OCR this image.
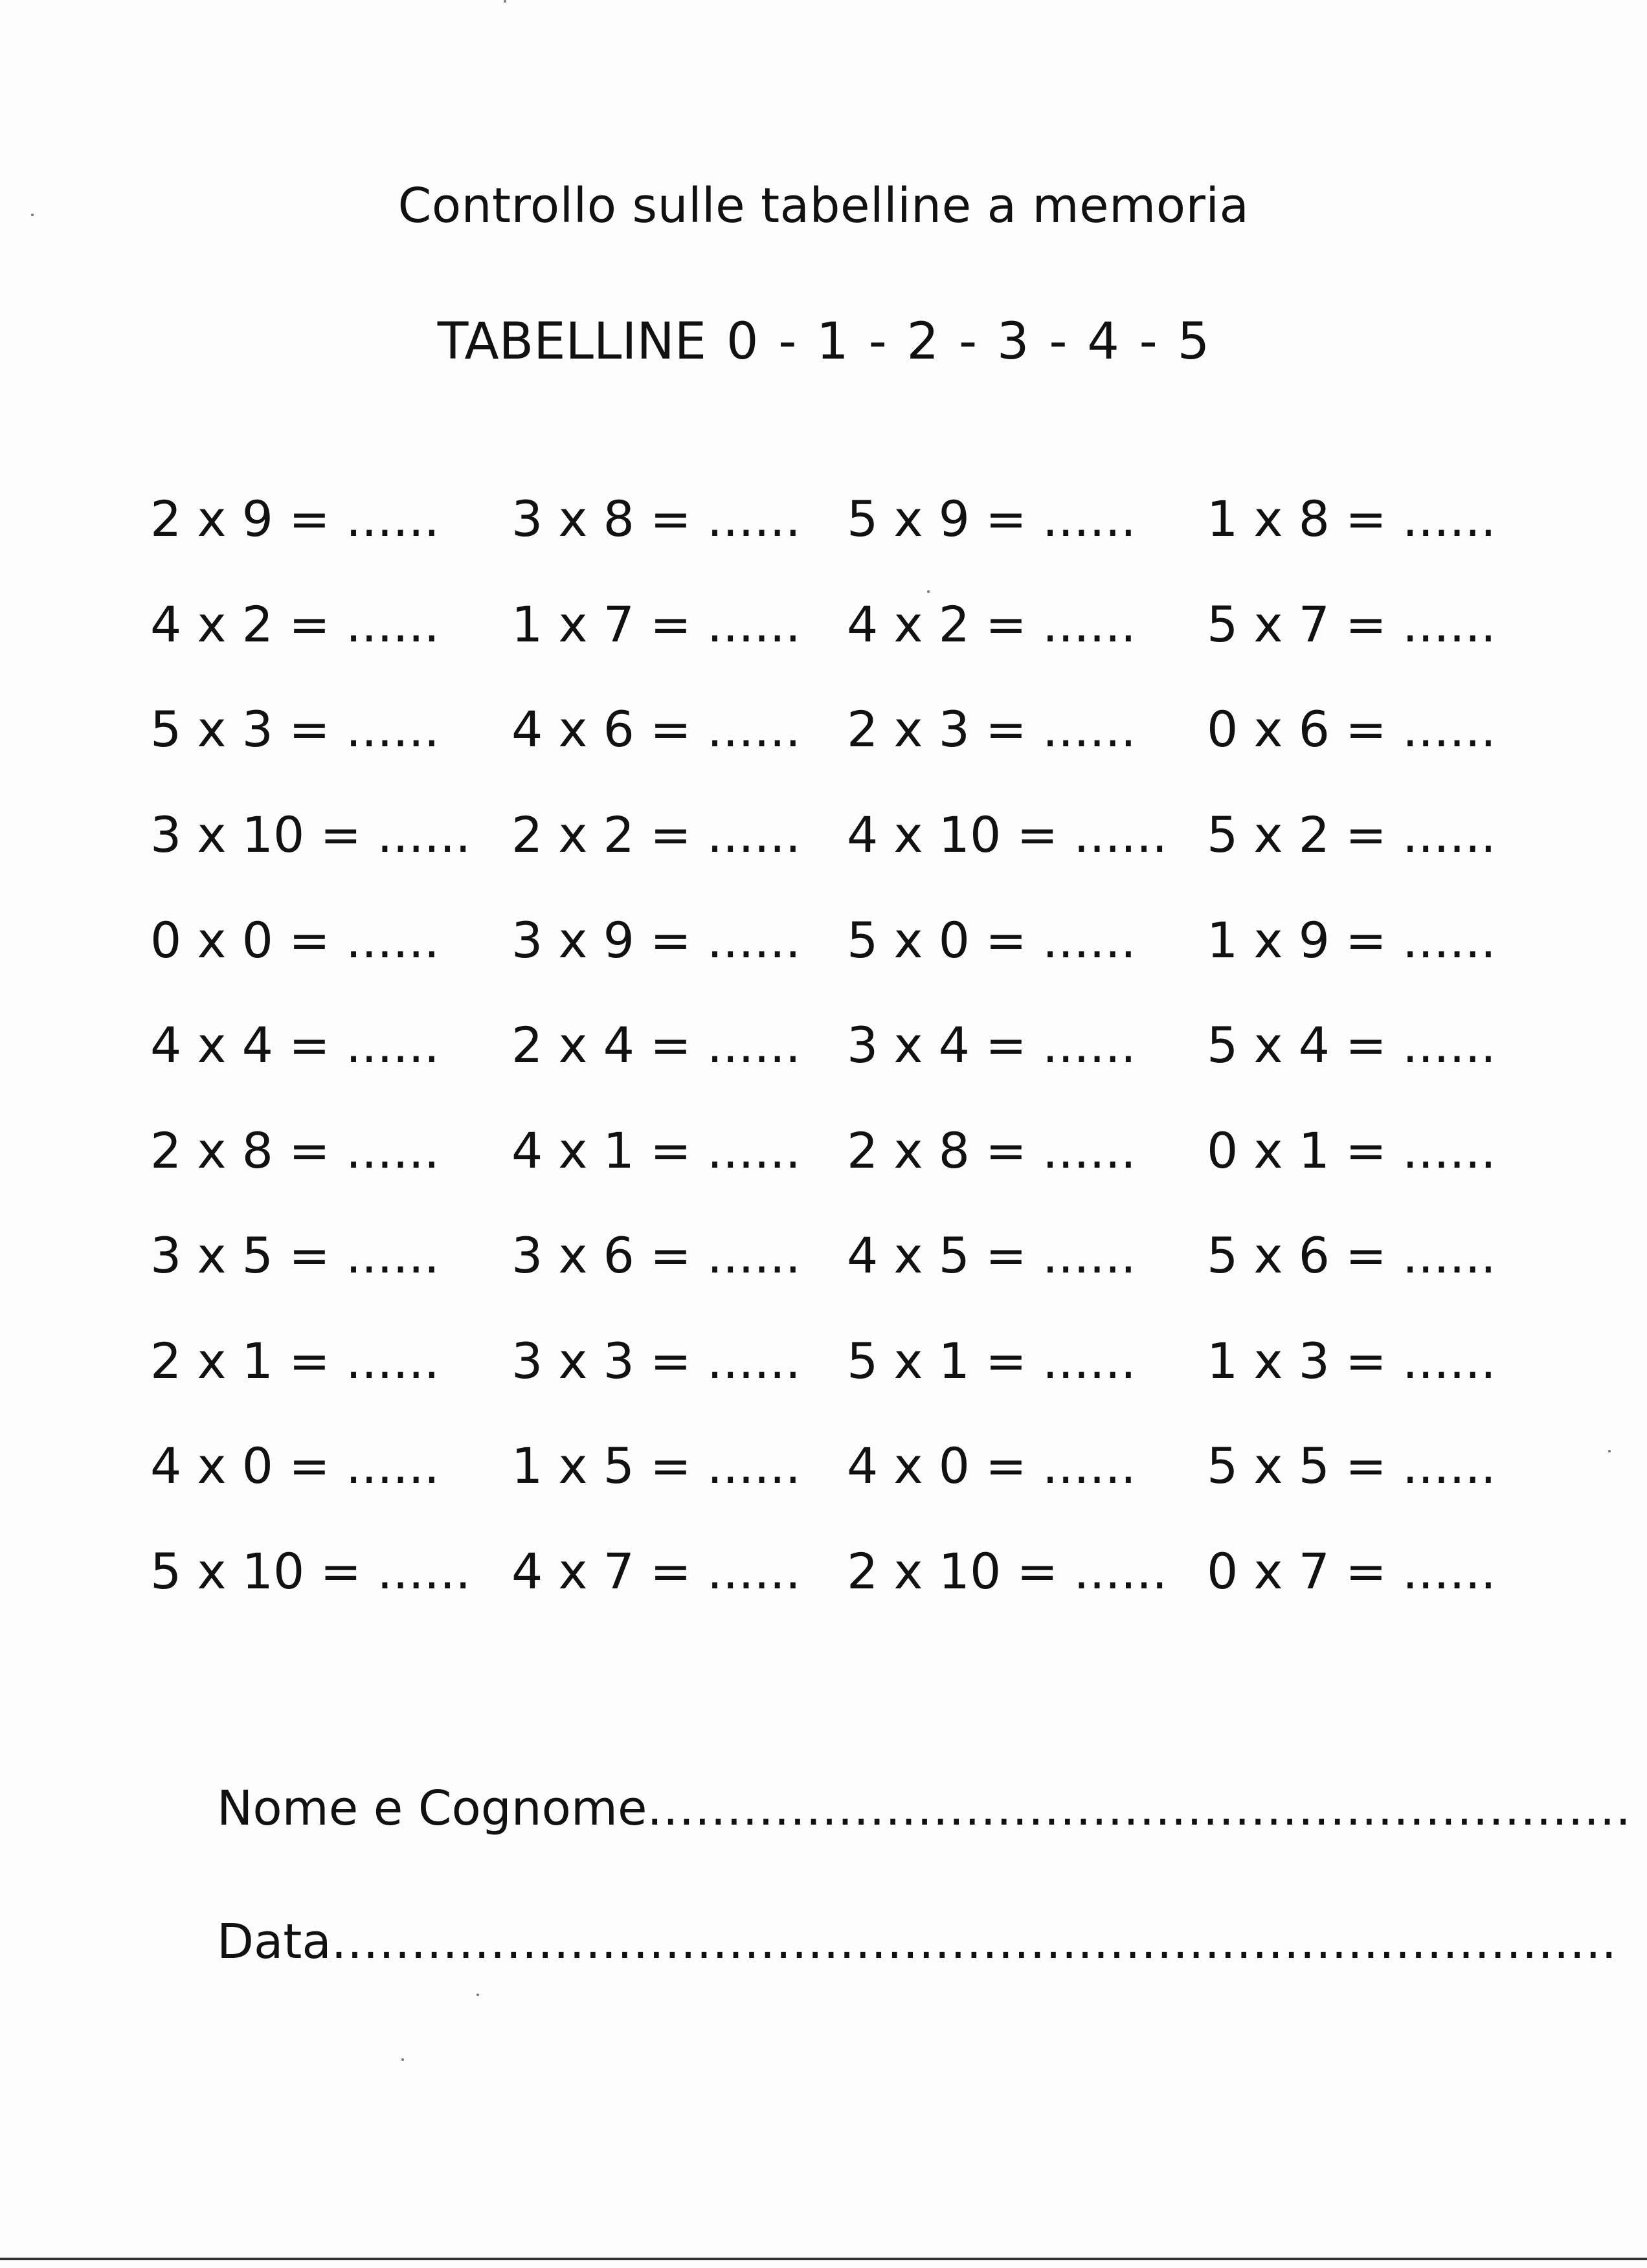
Controllo sulle tabelline a memoria
TABELLINE 0 - 1 - 2 - 3 - 4 - 5
2 x 9 = ...... 3 x 8 = ...... 5 x 9 = ...... 1 x 8 = ......
4 x 2 = ...... 1 x 7 = ...... 4 x 2 = ...... 5 x 7 = ......
5 x 3 = ...... 4 x 6 = ...... 2 x 3 = ...... 0 x 6 = ......
3 x 10 = ...... 2 x 2 = ...... 4 x 10 = ...... 5 x 2 = ......
0 x 0 = ...... 3 x 9 = ...... 5 x 0 = ...... 1 x 9 = ......
4 x 4 = ...... 2 x 4 = ...... 3 x 4 = ...... 5 x 4 = ......
2 x 8 = ...... 4 x 1 = ...... 2 x 8 = ...... 0 x 1 = ......
3 x 5 = ...... 3 x 6 = ...... 4 x 5 = ...... 5 x 6 = ......
2 x 1 = ...... 3 x 3 = ...... 5 x 1 = ...... 1 x 3 = ......
4 x 0 = ...... 1 x 5 = ...... 4 x 0 = ...... 5 x 5 = ......
5 x 10 = ...... 4 x 7 = ...... 2 x 10 = ...... 0 x 7 = ......
Nome e Cognome..............................................................
Data.................................................................................
